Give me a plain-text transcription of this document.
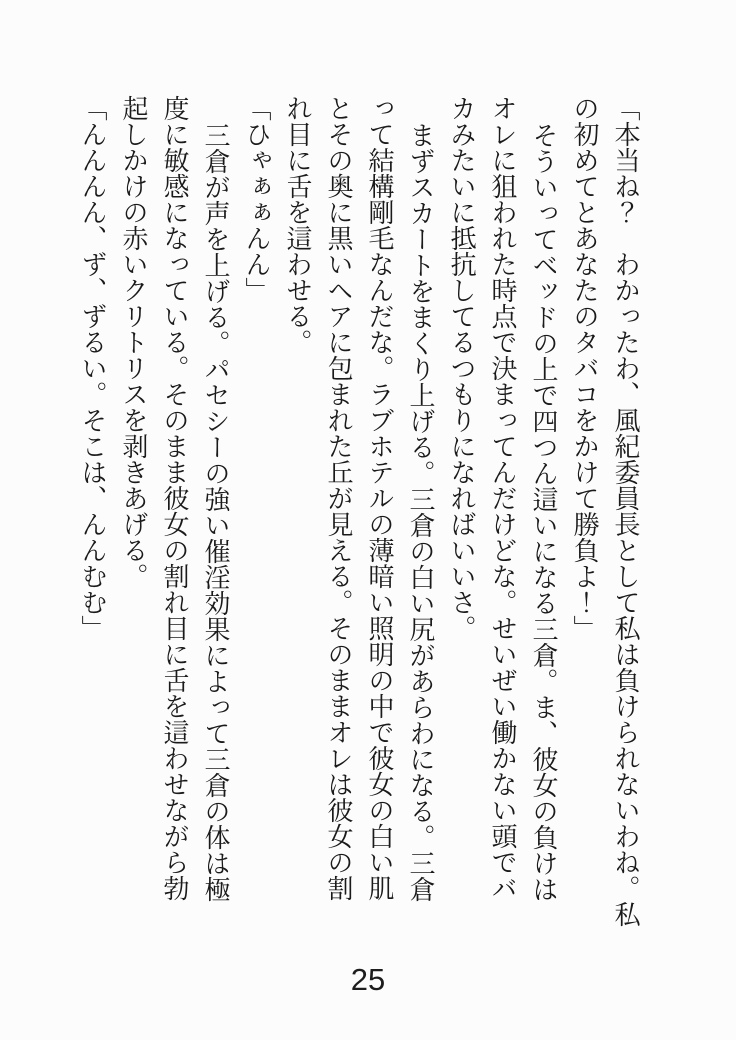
「本当ね？　わかったわ、風紀委員長として私は負けられないわね。私
の初めてとあなたのタバコをかけて勝負よ！」
そういってベッドの上で四つん這いになる三倉。ま、彼女の負けは
オレに狙われた時点で決まってんだけどな。せいぜい働かない頭でバ
カみたいに抵抗してるつもりになればいいさ。
まずスカートをまくり上げる。三倉の白い尻があらわになる。三倉
って結構剛毛なんだな。ラブホテルの薄暗い照明の中で彼女の白い肌
とその奥に黒いヘアに包まれた丘が見える。そのままオレは彼女の割
れ目に舌を這わせる。
「ひゃぁぁんん」
三倉が声を上げる。パセシーの強い催淫効果によって三倉の体は極
度に敏感になっている。そのまま彼女の割れ目に舌を這わせながら勃
起しかけの赤いクリトリスを剥きあげる。
「んんんん、ず、ずるい。そこは、んんむむ」
25
